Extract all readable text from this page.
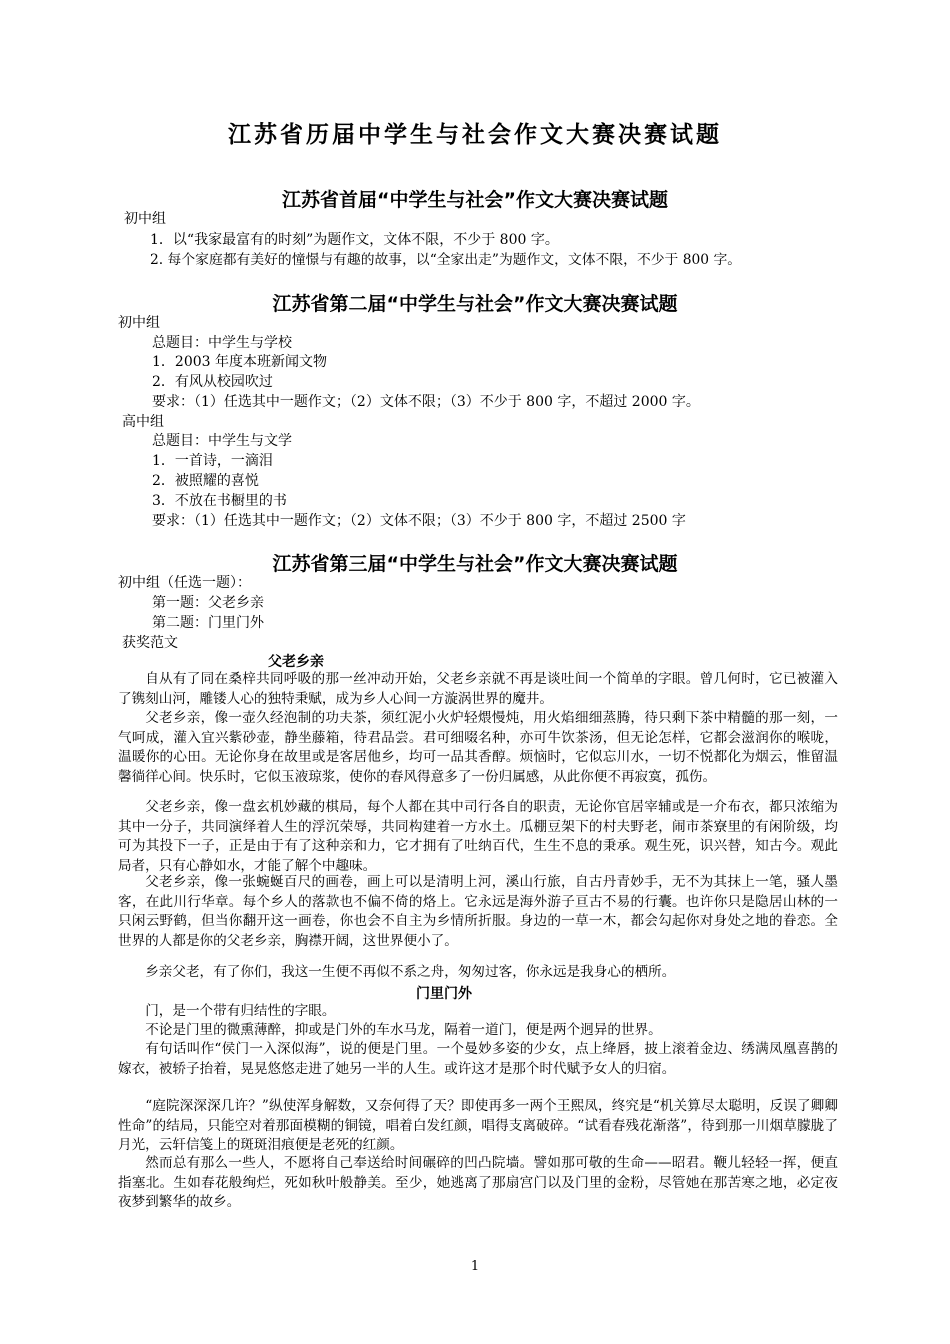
江苏省历届中学生与社会作文大赛决赛试题
江苏省首届“中学生与社会”作文大赛决赛试题
初中组
1．以“我家最富有的时刻”为题作文，文体不限，不少于 800 字。
2. 每个家庭都有美好的憧憬与有趣的故事，以“全家出走”为题作文，文体不限，不少于 800 字。
江苏省第二届“中学生与社会”作文大赛决赛试题
初中组
总题目：中学生与学校
1．2003 年度本班新闻文物
2．有风从校园吹过
要求：（1）任选其中一题作文；（2）文体不限；（3）不少于 800 字，不超过 2000 字。
高中组
总题目：中学生与文学
1．一首诗，一滴泪
2．被照耀的喜悦
3．不放在书橱里的书
要求：（1）任选其中一题作文；（2）文体不限；（3）不少于 800 字，不超过 2500 字
江苏省第三届“中学生与社会”作文大赛决赛试题
初中组（任选一题）：
第一题：父老乡亲
第二题：门里门外
获奖范文
父老乡亲
自从有了同在桑梓共同呼吸的那一丝冲动开始，父老乡亲就不再是谈吐间一个简单的字眼。曾几何时，它已被灌入了镌刻山河，雕镂人心的独特秉赋，成为乡人心间一方漩涡世界的魔井。
父老乡亲，像一壶久经泡制的功夫茶，须红泥小火炉轻煨慢炖，用火焰细细蒸腾，待只剩下茶中精髓的那一刻，一气呵成，灌入宜兴紫砂壶，静坐藤箱，待君品尝。君可细啜名种，亦可牛饮茶汤，但无论怎样，它都会滋润你的喉咙，温暖你的心田。无论你身在故里或是客居他乡，均可一品其香醇。烦恼时，它似忘川水，一切不悦都化为烟云，惟留温馨徜徉心间。快乐时，它似玉液琼浆，使你的春风得意多了一份归属感，从此你便不再寂寞，孤伤。
父老乡亲，像一盘玄机妙藏的棋局，每个人都在其中司行各自的职责，无论你官居宰辅或是一介布衣，都只浓缩为其中一分子，共同演绎着人生的浮沉荣辱，共同构建着一方水土。瓜棚豆架下的村夫野老，闹市茶寮里的有闲阶级，均可为其投下一子，正是由于有了这种亲和力，它才拥有了吐纳百代，生生不息的秉承。观生死，识兴替，知古今。观此局者，只有心静如水，才能了解个中趣味。
父老乡亲，像一张蜿蜒百尺的画卷，画上可以是清明上河，溪山行旅，自古丹青妙手，无不为其抹上一笔，骚人墨客，在此川行华章。每个乡人的落款也不偏不倚的烙上。它永远是海外游子亘古不易的行囊。也许你只是隐居山林的一只闲云野鹤，但当你翻开这一画卷，你也会不自主为乡情所折服。身边的一草一木，都会勾起你对身处之地的眷恋。全世界的人都是你的父老乡亲，胸襟开阔，这世界便小了。
乡亲父老，有了你们，我这一生便不再似不系之舟，匆匆过客，你永远是我身心的栖所。
门里门外
门，是一个带有归结性的字眼。
不论是门里的微熏薄醉，抑或是门外的车水马龙，隔着一道门，便是两个迥异的世界。
有句话叫作“侯门一入深似海”，说的便是门里。一个曼妙多姿的少女，点上绛唇，披上滚着金边、绣满凤凰喜鹊的嫁衣，被轿子抬着，晃晃悠悠走进了她另一半的人生。或许这才是那个时代赋予女人的归宿。
“庭院深深深几许？”纵使浑身解数，又奈何得了天？即使再多一两个王熙凤，终究是“机关算尽太聪明，反误了卿卿性命”的结局，只能空对着那面模糊的铜镜，唱着白发红颜，唱得支离破碎。“试看春残花渐落”，待到那一川烟草朦胧了月光，云轩信笺上的斑斑泪痕便是老死的红颜。
然而总有那么一些人，不愿将自己奉送给时间碾碎的凹凸院墙。譬如那可敬的生命——昭君。鞭儿轻轻一挥，便直指塞北。生如春花般绚烂，死如秋叶般静美。至少，她逃离了那扇宫门以及门里的金粉，尽管她在那苦寒之地，必定夜夜梦到繁华的故乡。
1
